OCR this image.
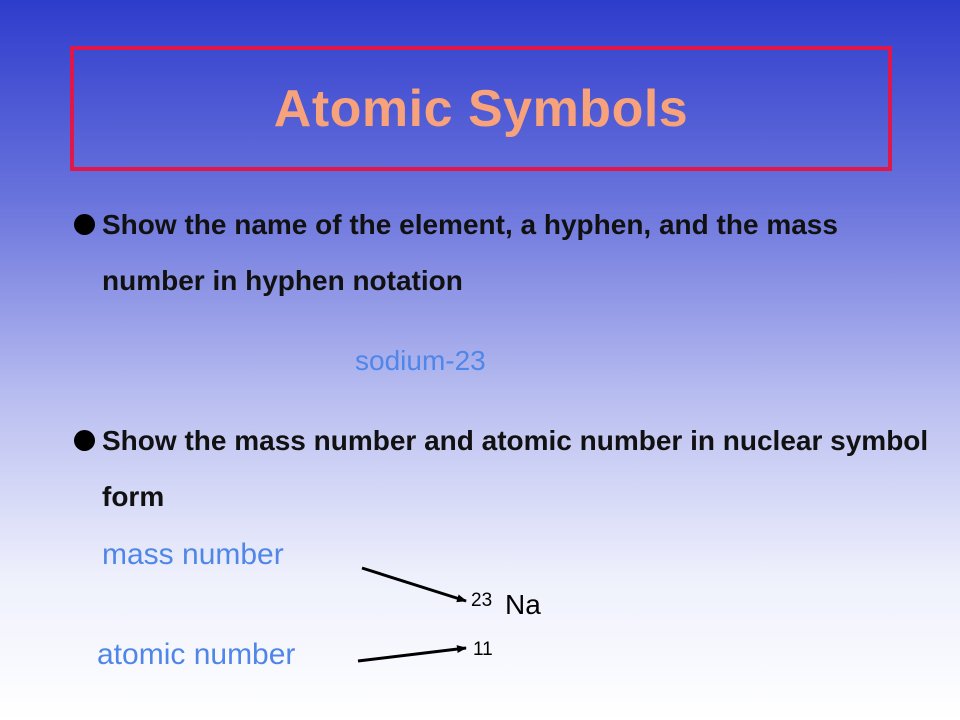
Atomic Symbols
Show the name of the element, a hyphen, and the mass number in hyphen notation
sodium-23
Show the mass number and atomic number in nuclear symbol form
mass number
atomic number
23 Na
11
